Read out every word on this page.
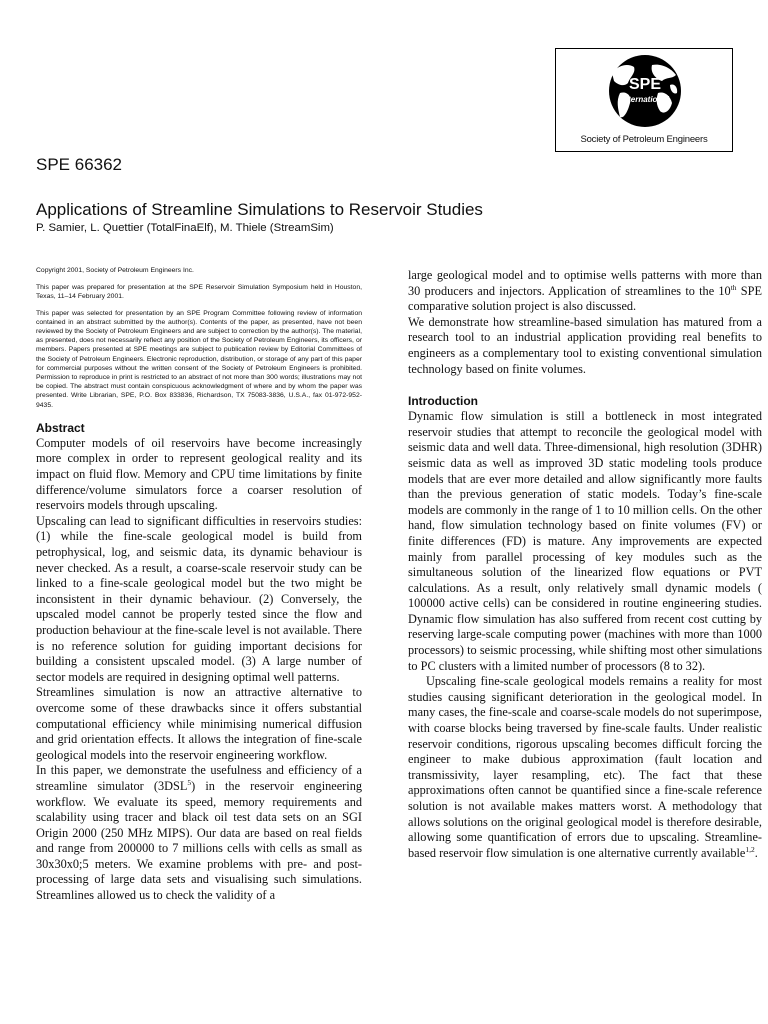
SPE
International
Society of Petroleum Engineers
SPE 66362
Applications of Streamline Simulations to Reservoir Studies
P. Samier, L. Quettier (TotalFinaElf), M. Thiele (StreamSim)

Copyright 2001, Society of Petroleum Engineers Inc.

This paper was prepared for presentation at the SPE Reservoir Simulation Symposium held in Houston, Texas, 11–14 February 2001.

This paper was selected for presentation by an SPE Program Committee following review of information contained in an abstract submitted by the author(s). Contents of the paper, as presented, have not been reviewed by the Society of Petroleum Engineers and are subject to correction by the author(s). The material, as presented, does not necessarily reflect any position of the Society of Petroleum Engineers, its officers, or members. Papers presented at SPE meetings are subject to publication review by Editorial Committees of the Society of Petroleum Engineers. Electronic reproduction, distribution, or storage of any part of this paper for commercial purposes without the written consent of the Society of Petroleum Engineers is prohibited. Permission to reproduce in print is restricted to an abstract of not more than 300 words; illustrations may not be copied. The abstract must contain conspicuous acknowledgment of where and by whom the paper was presented. Write Librarian, SPE, P.O. Box 833836, Richardson, TX 75083-3836, U.S.A., fax 01-972-952-9435.

Abstract

Computer models of oil reservoirs have become increasingly more complex in order to represent geological reality and its impact on fluid flow. Memory and CPU time limitations by finite difference/volume simulators force a coarser resolution of reservoirs models through upscaling.

Upscaling can lead to significant difficulties in reservoirs studies: (1) while the fine-scale geological model is build from petrophysical, log, and seismic data, its dynamic behaviour is never checked. As a result, a coarse-scale reservoir study can be linked to a fine-scale geological model but the two might be inconsistent in their dynamic behaviour. (2) Conversely, the upscaled model cannot be properly tested since the flow and production behaviour at the fine-scale level is not available. There is no reference solution for guiding important decisions for building a consistent upscaled model. (3) A large number of sector models are required in designing optimal well patterns.

Streamlines simulation is now an attractive alternative to overcome some of these drawbacks since it offers substantial computational efficiency while minimising numerical diffusion and grid orientation effects. It allows the integration of fine-scale geological models into the reservoir engineering workflow.

In this paper, we demonstrate the usefulness and efficiency of a streamline simulator (3DSL$^5$) in the reservoir engineering workflow. We evaluate its speed, memory requirements and scalability using tracer and black oil test data sets on an SGI Origin 2000 (250 MHz MIPS). Our data are based on real fields and range from 200000 to 7 millions cells with cells as small as 30x30x0;5 meters. We examine problems with pre- and post-processing of large data sets and visualising such simulations. Streamlines allowed us to check the validity of a

large geological model and to optimise wells patterns with more than 30 producers and injectors. Application of streamlines to the 10th SPE comparative solution project is also discussed.

We demonstrate how streamline-based simulation has matured from a research tool to an industrial application providing real benefits to engineers as a complementary tool to existing conventional simulation technology based on finite volumes.

Introduction

Dynamic flow simulation is still a bottleneck in most integrated reservoir studies that attempt to reconcile the geological model with seismic data and well data. Three-dimensional, high resolution (3DHR) seismic data as well as improved 3D static modeling tools produce models that are ever more detailed and allow significantly more faults than the previous generation of static models. Today’s fine-scale models are commonly in the range of 1 to 10 million cells. On the other hand, flow simulation technology based on finite volumes (FV) or finite differences (FD) is mature. Any improvements are expected mainly from parallel processing of key modules such as the simultaneous solution of the linearized flow equations or PVT calculations. As a result, only relatively small dynamic models ( 100000 active cells) can be considered in routine engineering studies. Dynamic flow simulation has also suffered from recent cost cutting by reserving large-scale computing power (machines with more than 1000 processors) to seismic processing, while shifting most other simulations to PC clusters with a limited number of processors (8 to 32).

Upscaling fine-scale geological models remains a reality for most studies causing significant deterioration in the geological model. In many cases, the fine-scale and coarse-scale models do not superimpose, with coarse blocks being traversed by fine-scale faults. Under realistic reservoir conditions, rigorous upscaling becomes difficult forcing the engineer to make dubious approximation (fault location and transmissivity, layer resampling, etc). The fact that these approximations often cannot be quantified since a fine-scale reference solution is not available makes matters worst. A methodology that allows solutions on the original geological model is therefore desirable, allowing some quantification of errors due to upscaling. Streamline-based reservoir flow simulation is one alternative currently available$^{1,2}$.
